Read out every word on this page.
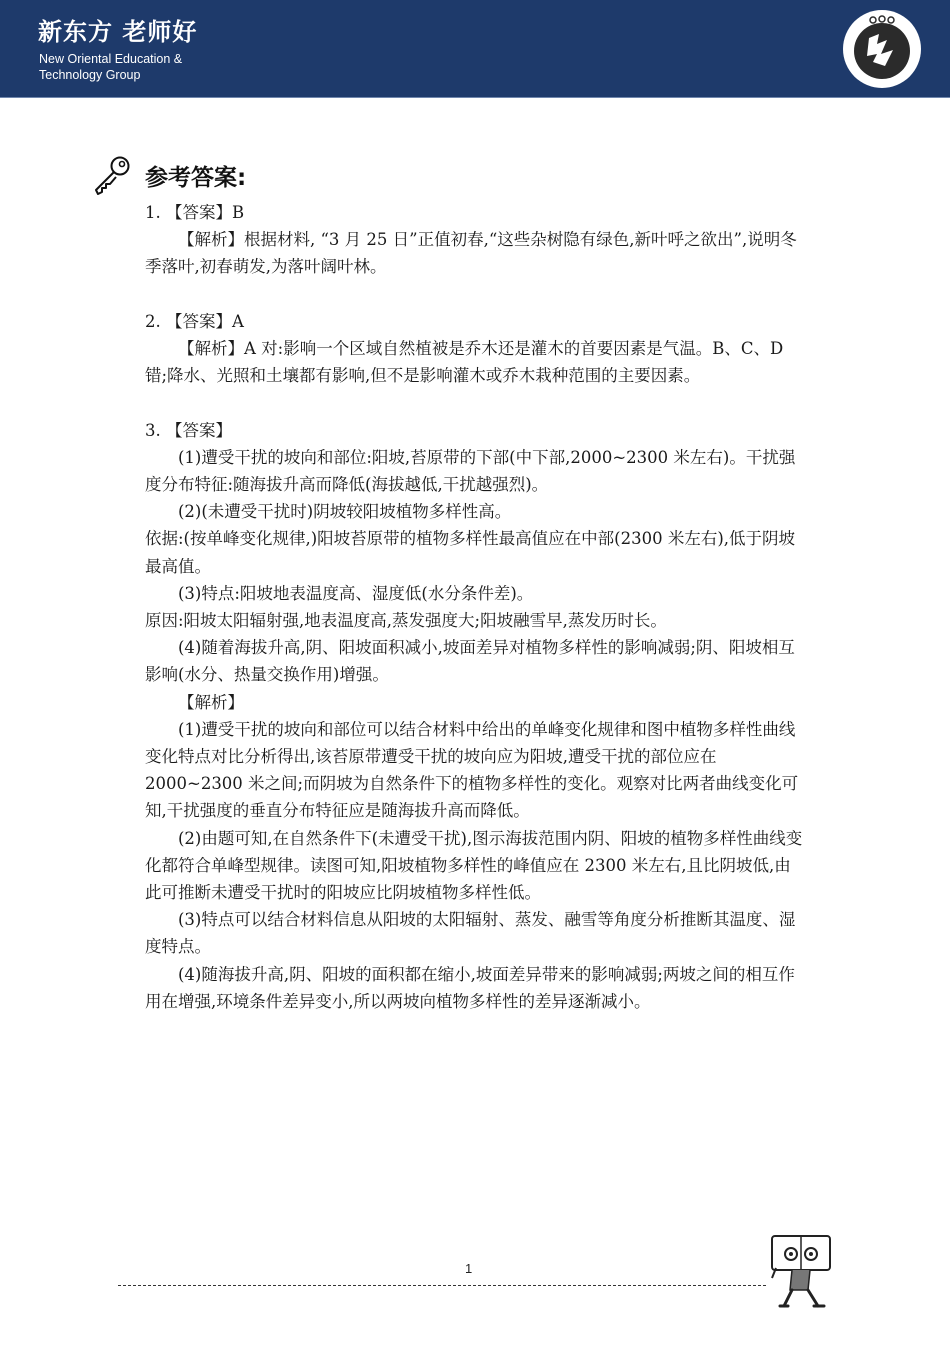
新东方 老师好
New Oriental Education & Technology Group
参考答案:

1. 【答案】B

【解析】根据材料, “3 月 25 日”正值初春,“这些杂树隐有绿色,新叶呼之欲出”,说明冬季落叶,初春萌发,为落叶阔叶林。

2. 【答案】A

【解析】A 对:影响一个区域自然植被是乔木还是灌木的首要因素是气温。B、C、D 错;降水、光照和土壤都有影响,但不是影响灌木或乔木栽种范围的主要因素。

3. 【答案】

(1)遭受干扰的坡向和部位:阳坡,苔原带的下部(中下部,2000~2300 米左右)。干扰强度分布特征:随海拔升高而降低(海拔越低,干扰越强烈)。

(2)(未遭受干扰时)阴坡较阳坡植物多样性高。

依据:(按单峰变化规律,)阳坡苔原带的植物多样性最高值应在中部(2300 米左右),低于阴坡最高值。

(3)特点:阳坡地表温度高、湿度低(水分条件差)。

原因:阳坡太阳辐射强,地表温度高,蒸发强度大;阳坡融雪早,蒸发历时长。

(4)随着海拔升高,阴、阳坡面积减小,坡面差异对植物多样性的影响减弱;阴、阳坡相互影响(水分、热量交换作用)增强。

【解析】

(1)遭受干扰的坡向和部位可以结合材料中给出的单峰变化规律和图中植物多样性曲线变化特点对比分析得出,该苔原带遭受干扰的坡向应为阳坡,遭受干扰的部位应在 2000~2300 米之间;而阴坡为自然条件下的植物多样性的变化。观察对比两者曲线变化可知,干扰强度的垂直分布特征应是随海拔升高而降低。

(2)由题可知,在自然条件下(未遭受干扰),图示海拔范围内阴、阳坡的植物多样性曲线变化都符合单峰型规律。读图可知,阳坡植物多样性的峰值应在 2300 米左右,且比阴坡低,由此可推断未遭受干扰时的阳坡应比阴坡植物多样性低。

(3)特点可以结合材料信息从阳坡的太阳辐射、蒸发、融雪等角度分析推断其温度、湿度特点。

(4)随海拔升高,阴、阳坡的面积都在缩小,坡面差异带来的影响减弱;两坡之间的相互作用在增强,环境条件差异变小,所以两坡向植物多样性的差异逐渐减小。

1
